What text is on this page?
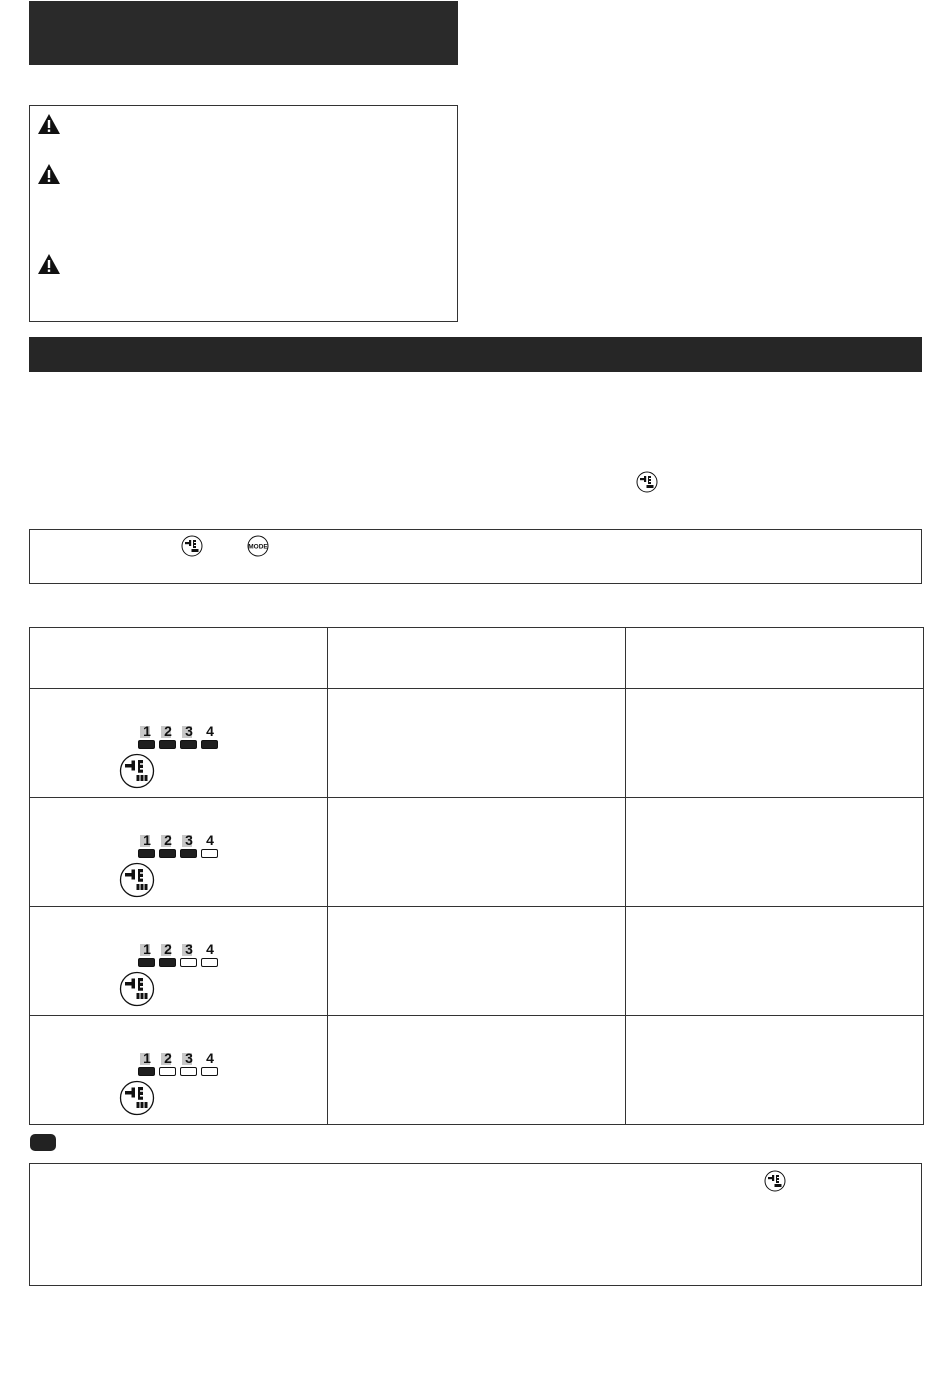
MODE

1 2 3 4		

1 2 3 4		

1 2 3 4		

1 2 3 4		
